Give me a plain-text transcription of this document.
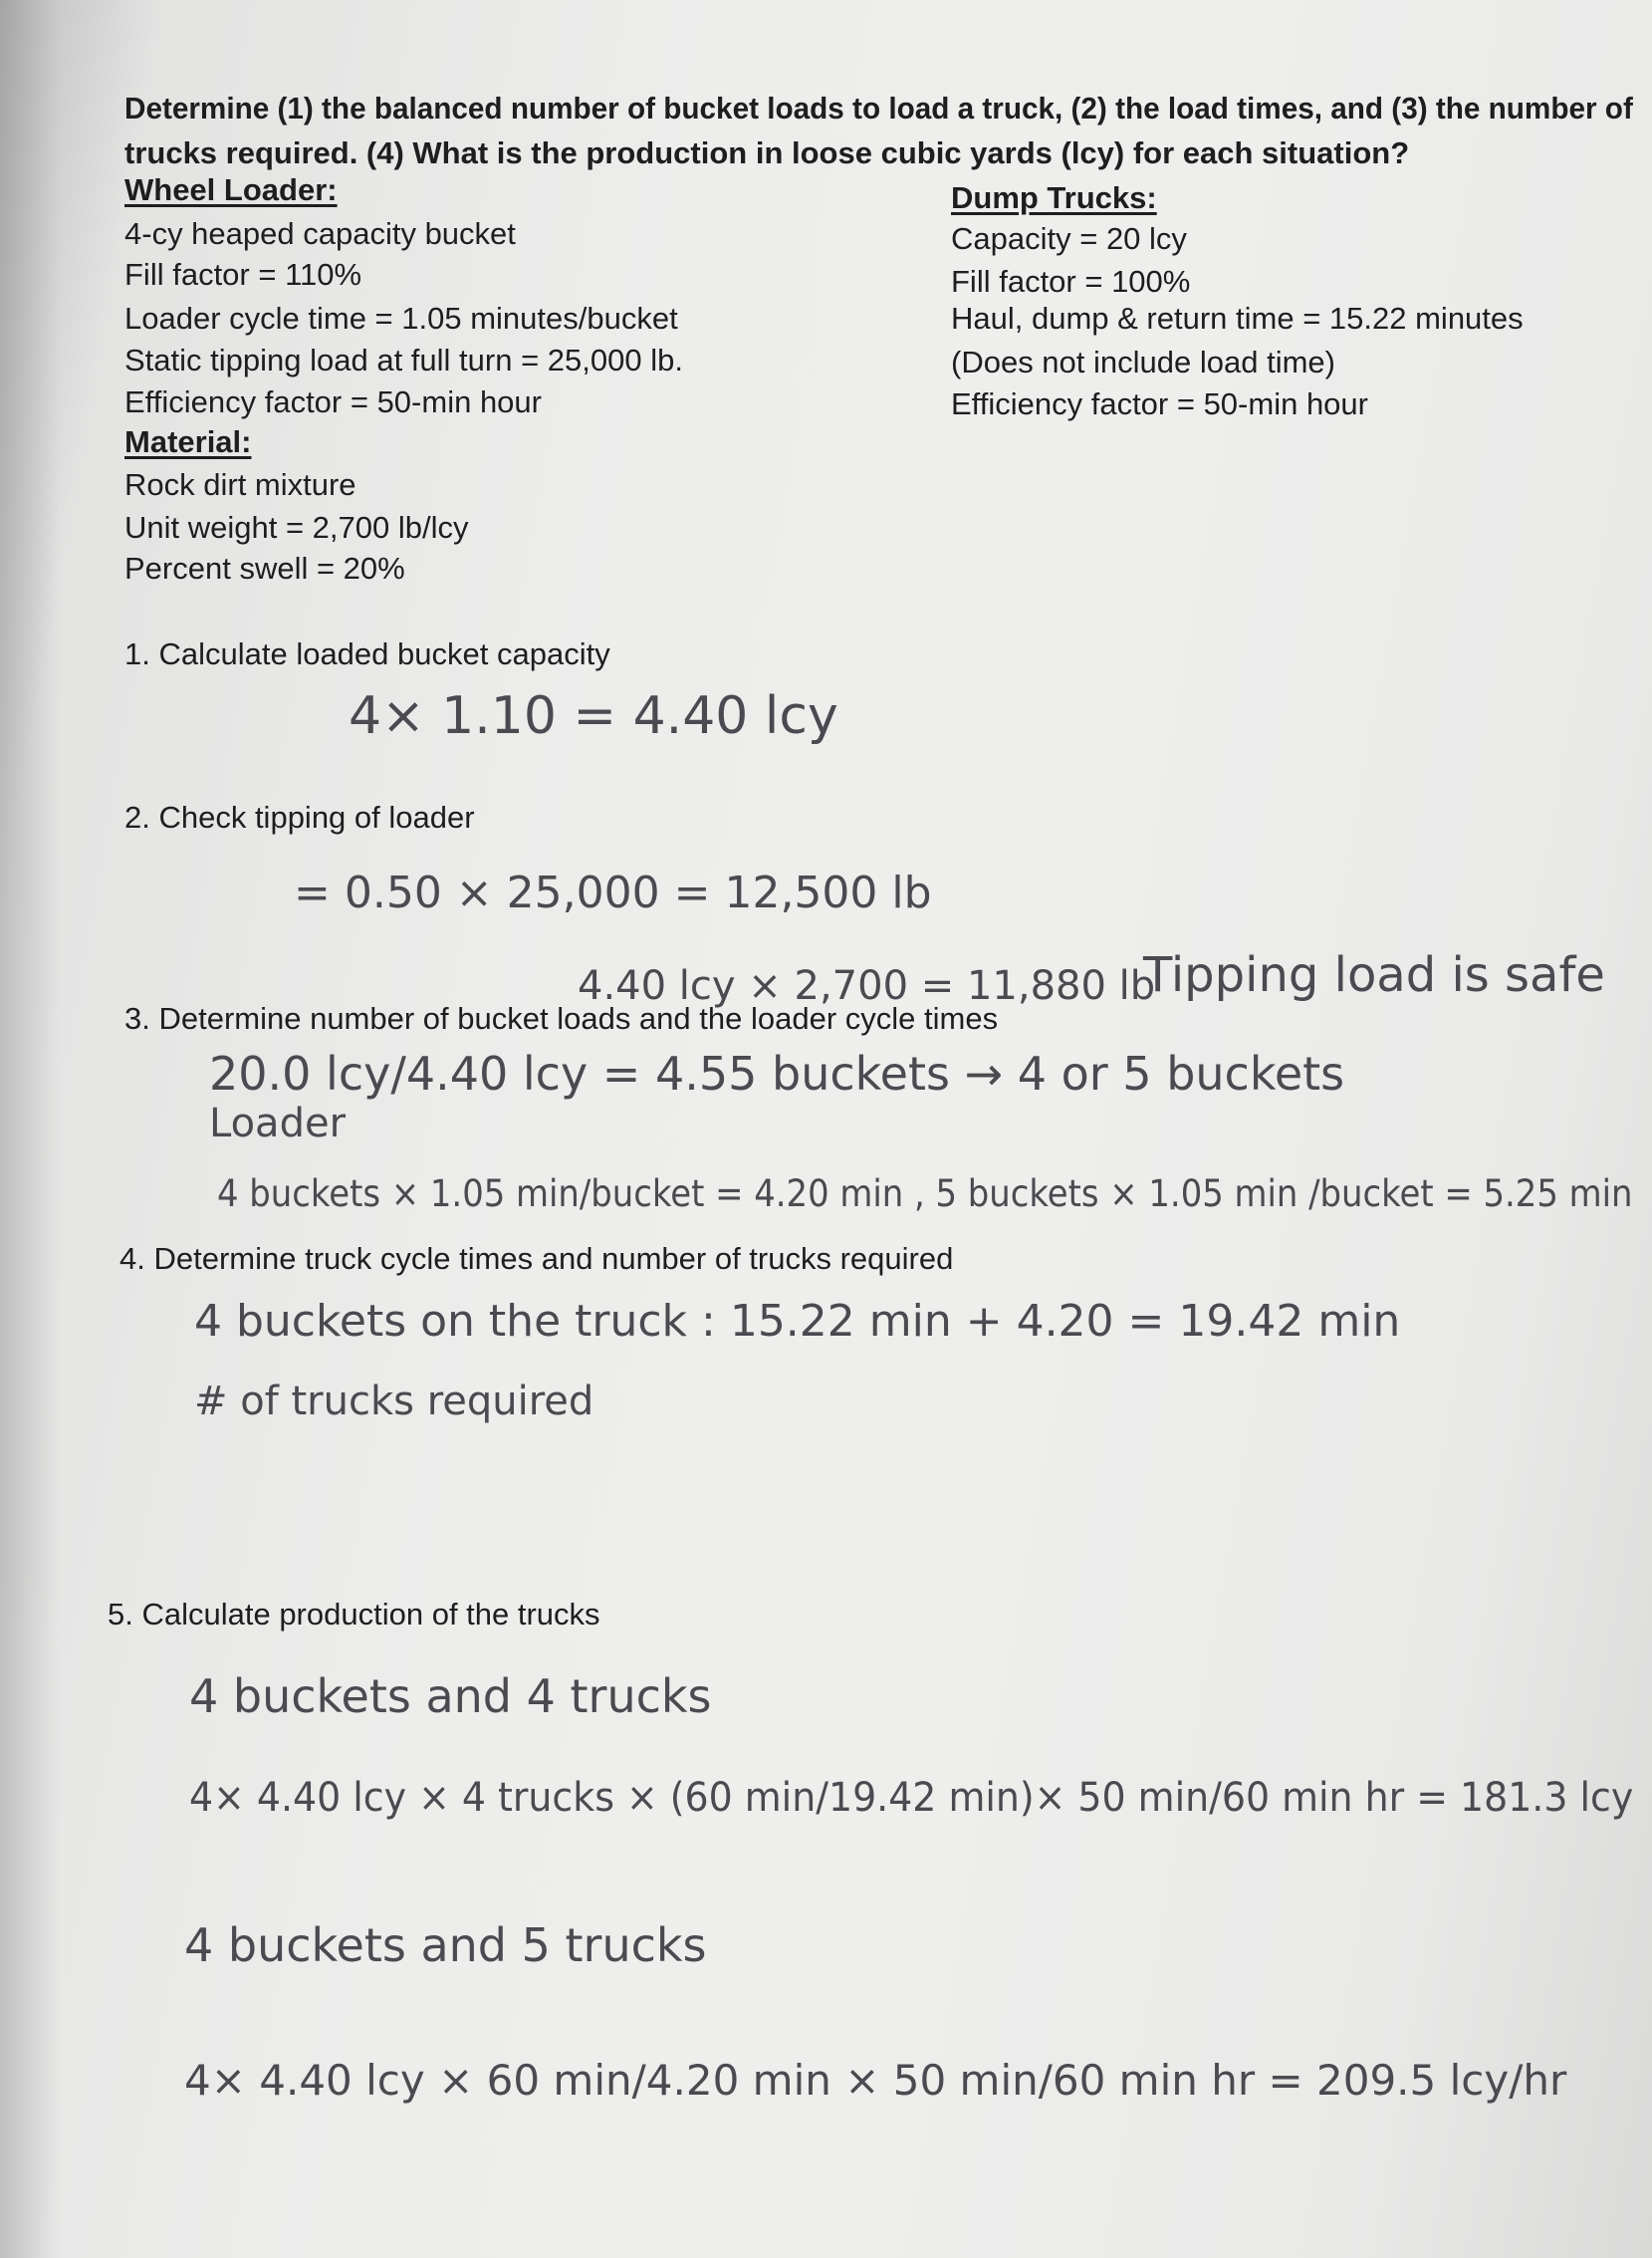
Determine (1) the balanced number of bucket loads to load a truck, (2) the load times, and (3) the number of
trucks required. (4) What is the production in loose cubic yards (lcy) for each situation?
Wheel Loader:
4-cy heaped capacity bucket
Fill factor = 110%
Loader cycle time = 1.05 minutes/bucket
Static tipping load at full turn = 25,000 lb.
Efficiency factor = 50-min hour
Dump Trucks:
Capacity = 20 lcy
Fill factor = 100%
Haul, dump & return time = 15.22 minutes
(Does not include load time)
Efficiency factor = 50-min hour
Material:
Rock dirt mixture
Unit weight = 2,700 lb/lcy
Percent swell = 20%
1. Calculate loaded bucket capacity
4× 1.10 = 4.40 lcy
2. Check tipping of loader
= 0.50 × 25,000 = 12,500 lb
4.40 lcy × 2,700 = 11,880 lb
Tipping load is safe
3. Determine number of bucket loads and the loader cycle times
20.0 lcy/4.40 lcy = 4.55 buckets → 4 or 5 buckets
Loader
4 buckets × 1.05 min/bucket = 4.20 min , 5 buckets × 1.05 min /bucket = 5.25 min
4. Determine truck cycle times and number of trucks required
4 buckets on the truck : 15.22 min + 4.20 = 19.42 min
# of trucks required
5. Calculate production of the trucks
4 buckets and 4 trucks
4× 4.40 lcy × 4 trucks × (60 min/19.42 min)× 50 min/60 min hr = 181.3 lcy
4 buckets and 5 trucks
4× 4.40 lcy × 60 min/4.20 min × 50 min/60 min hr = 209.5 lcy/hr
